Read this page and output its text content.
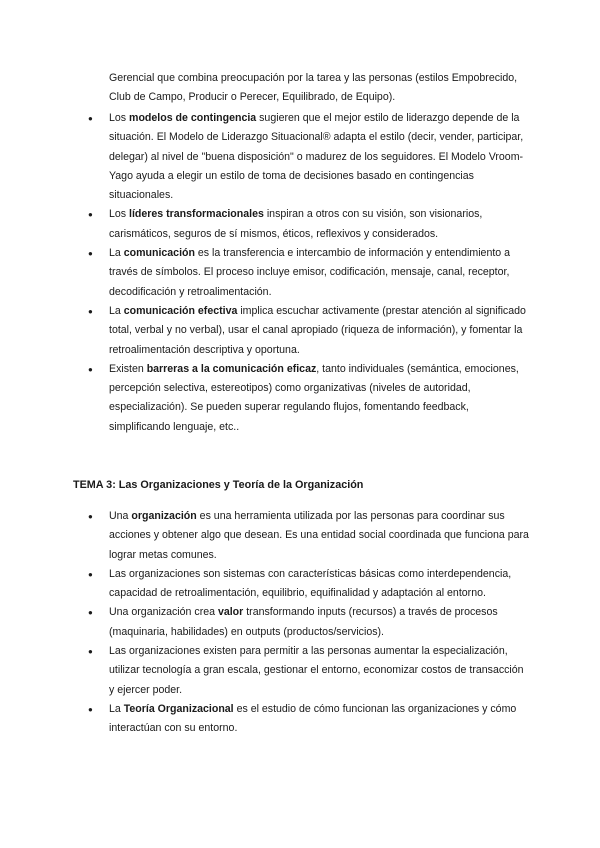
Gerencial que combina preocupación por la tarea y las personas (estilos Empobrecido, Club de Campo, Producir o Perecer, Equilibrado, de Equipo).

● Los modelos de contingencia sugieren que el mejor estilo de liderazgo depende de la situación. El Modelo de Liderazgo Situacional® adapta el estilo (decir, vender, participar, delegar) al nivel de "buena disposición" o madurez de los seguidores. El Modelo Vroom-Yago ayuda a elegir un estilo de toma de decisiones basado en contingencias situacionales.
● Los líderes transformacionales inspiran a otros con su visión, son visionarios, carismáticos, seguros de sí mismos, éticos, reflexivos y considerados.
● La comunicación es la transferencia e intercambio de información y entendimiento a través de símbolos. El proceso incluye emisor, codificación, mensaje, canal, receptor, decodificación y retroalimentación.
● La comunicación efectiva implica escuchar activamente (prestar atención al significado total, verbal y no verbal), usar el canal apropiado (riqueza de información), y fomentar la retroalimentación descriptiva y oportuna.
● Existen barreras a la comunicación eficaz, tanto individuales (semántica, emociones, percepción selectiva, estereotipos) como organizativas (niveles de autoridad, especialización). Se pueden superar regulando flujos, fomentando feedback, simplificando lenguaje, etc..
TEMA 3: Las Organizaciones y Teoría de la Organización
● Una organización es una herramienta utilizada por las personas para coordinar sus acciones y obtener algo que desean. Es una entidad social coordinada que funciona para lograr metas comunes.
● Las organizaciones son sistemas con características básicas como interdependencia, capacidad de retroalimentación, equilibrio, equifinalidad y adaptación al entorno.
● Una organización crea valor transformando inputs (recursos) a través de procesos (maquinaria, habilidades) en outputs (productos/servicios).
● Las organizaciones existen para permitir a las personas aumentar la especialización, utilizar tecnología a gran escala, gestionar el entorno, economizar costos de transacción y ejercer poder.
● La Teoría Organizacional es el estudio de cómo funcionan las organizaciones y cómo interactúan con su entorno.
